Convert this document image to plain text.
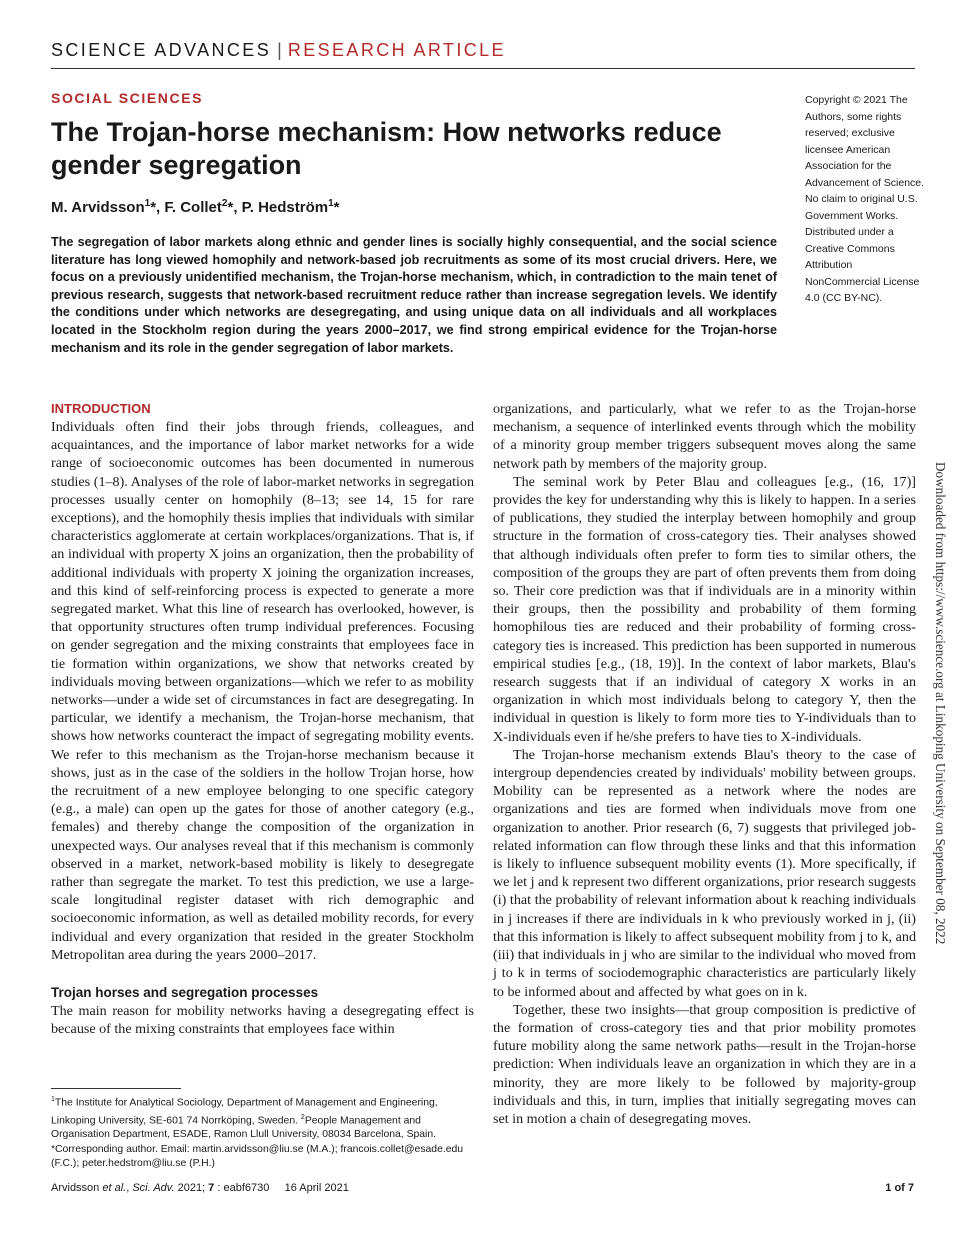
SCIENCE ADVANCES | RESEARCH ARTICLE
SOCIAL SCIENCES
The Trojan-horse mechanism: How networks reduce gender segregation
M. Arvidsson$^1$*, F. Collet$^2$*, P. Hedström$^1$*
Copyright © 2021 The Authors, some rights reserved; exclusive licensee American Association for the Advancement of Science. No claim to original U.S. Government Works. Distributed under a Creative Commons Attribution NonCommercial License 4.0 (CC BY-NC).

The segregation of labor markets along ethnic and gender lines is socially highly consequential, and the social science literature has long viewed homophily and network-based job recruitments as some of its most crucial drivers. Here, we focus on a previously unidentified mechanism, the Trojan-horse mechanism, which, in contradiction to the main tenet of previous research, suggests that network-based recruitment reduce rather than increase segregation levels. We identify the conditions under which networks are desegregating, and using unique data on all individuals and all workplaces located in the Stockholm region during the years 2000–2017, we find strong empirical evidence for the Trojan-horse mechanism and its role in the gender segregation of labor markets.

INTRODUCTION

Individuals often find their jobs through friends, colleagues, and acquaintances, and the importance of labor market networks for a wide range of socioeconomic outcomes has been documented in numerous studies (1–8). Analyses of the role of labor-market networks in segregation processes usually center on homophily (8–13; see 14, 15 for rare exceptions), and the homophily thesis implies that individuals with similar characteristics agglomerate at certain workplaces/organizations. That is, if an individual with property X joins an organization, then the probability of additional individuals with property X joining the organization increases, and this kind of self-reinforcing process is expected to generate a more segregated market. What this line of research has overlooked, however, is that opportunity structures often trump individual preferences. Focusing on gender segregation and the mixing constraints that employees face in tie formation within organizations, we show that networks created by individuals moving between organizations—which we refer to as mobility networks—under a wide set of circumstances in fact are desegregating. In particular, we identify a mechanism, the Trojan-horse mechanism, that shows how networks counteract the impact of segregating mobility events. We refer to this mechanism as the Trojan-horse mechanism because it shows, just as in the case of the soldiers in the hollow Trojan horse, how the recruitment of a new employee belonging to one specific category (e.g., a male) can open up the gates for those of another category (e.g., females) and thereby change the composition of the organization in unexpected ways. Our analyses reveal that if this mechanism is commonly observed in a market, network-based mobility is likely to desegregate rather than segregate the market. To test this prediction, we use a large-scale longitudinal register dataset with rich demographic and socioeconomic information, as well as detailed mobility records, for every individual and every organization that resided in the greater Stockholm Metropolitan area during the years 2000–2017.

Trojan horses and segregation processes

The main reason for mobility networks having a desegregating effect is because of the mixing constraints that employees face within

organizations, and particularly, what we refer to as the Trojan-horse mechanism, a sequence of interlinked events through which the mobility of a minority group member triggers subsequent moves along the same network path by members of the majority group.

The seminal work by Peter Blau and colleagues [e.g., (16, 17)] provides the key for understanding why this is likely to happen. In a series of publications, they studied the interplay between homophily and group structure in the formation of cross-category ties. Their analyses showed that although individuals often prefer to form ties to similar others, the composition of the groups they are part of often prevents them from doing so. Their core prediction was that if individuals are in a minority within their groups, then the possibility and probability of them forming homophilous ties are reduced and their probability of forming cross-category ties is increased. This prediction has been supported in numerous empirical studies [e.g., (18, 19)]. In the context of labor markets, Blau's research suggests that if an individual of category X works in an organization in which most individuals belong to category Y, then the individual in question is likely to form more ties to Y-individuals than to X-individuals even if he/she prefers to have ties to X-individuals.

The Trojan-horse mechanism extends Blau's theory to the case of intergroup dependencies created by individuals' mobility between groups. Mobility can be represented as a network where the nodes are organizations and ties are formed when individuals move from one organization to another. Prior research (6, 7) suggests that privileged job-related information can flow through these links and that this information is likely to influence subsequent mobility events (1). More specifically, if we let j and k represent two different organizations, prior research suggests (i) that the probability of relevant information about k reaching individuals in j increases if there are individuals in k who previously worked in j, (ii) that this information is likely to affect subsequent mobility from j to k, and (iii) that individuals in j who are similar to the individual who moved from j to k in terms of sociodemographic characteristics are particularly likely to be informed about and affected by what goes on in k.

Together, these two insights—that group composition is predictive of the formation of cross-category ties and that prior mobility promotes future mobility along the same network paths—result in the Trojan-horse prediction: When individuals leave an organization in which they are in a minority, they are more likely to be followed by majority-group individuals and this, in turn, implies that initially segregating moves can set in motion a chain of desegregating moves.

$^1$The Institute for Analytical Sociology, Department of Management and Engineering, Linkoping University, SE-601 74 Norrköping, Sweden. $^2$People Management and Organisation Department, ESADE, Ramon Llull University, 08034 Barcelona, Spain.
*Corresponding author. Email: martin.arvidsson@liu.se (M.A.); francois.collet@esade.edu (F.C.); peter.hedstrom@liu.se (P.H.)

Arvidsson et al., Sci. Adv. 2021; 7 : eabf6730     16 April 2021	1 of 7
Downloaded from https://www.science.org at Linkoping University on September 08, 2022
